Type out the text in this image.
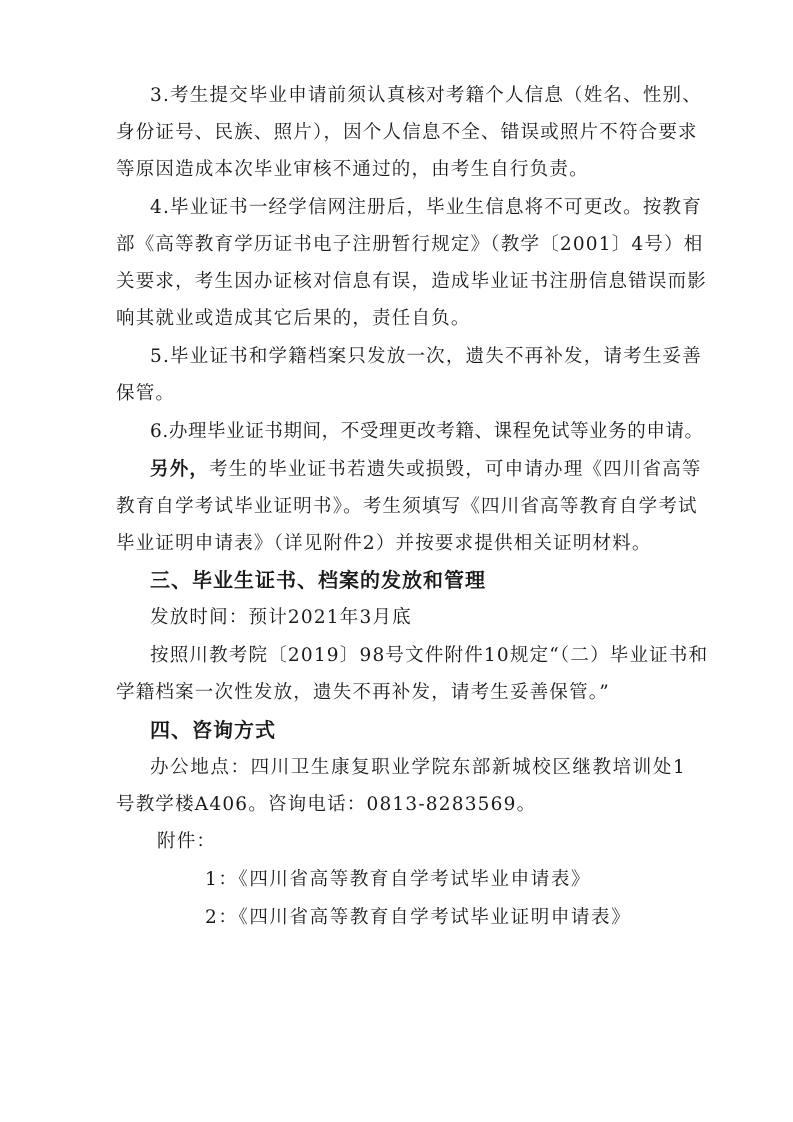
3.考生提交毕业申请前须认真核对考籍个人信息（姓名、性别、
身份证号、民族、照片），因个人信息不全、错误或照片不符合要求
等原因造成本次毕业审核不通过的，由考生自行负责。
4.毕业证书一经学信网注册后，毕业生信息将不可更改。按教育
部《高等教育学历证书电子注册暂行规定》（教学〔2001〕4号）相
关要求，考生因办证核对信息有误，造成毕业证书注册信息错误而影
响其就业或造成其它后果的，责任自负。
5.毕业证书和学籍档案只发放一次，遗失不再补发，请考生妥善
保管。
6.办理毕业证书期间，不受理更改考籍、课程免试等业务的申请。
另外，考生的毕业证书若遗失或损毁，可申请办理《四川省高等
教育自学考试毕业证明书》。考生须填写《四川省高等教育自学考试
毕业证明申请表》（详见附件2）并按要求提供相关证明材料。
三、毕业生证书、档案的发放和管理
发放时间：预计2021年3月底
按照川教考院〔2019〕98号文件附件10规定“（二）毕业证书和
学籍档案一次性发放，遗失不再补发，请考生妥善保管。”
四、咨询方式
办公地点：四川卫生康复职业学院东部新城校区继教培训处1
号教学楼A406。咨询电话：0813-8283569。
附件：
1：《四川省高等教育自学考试毕业申请表》
2：《四川省高等教育自学考试毕业证明申请表》
